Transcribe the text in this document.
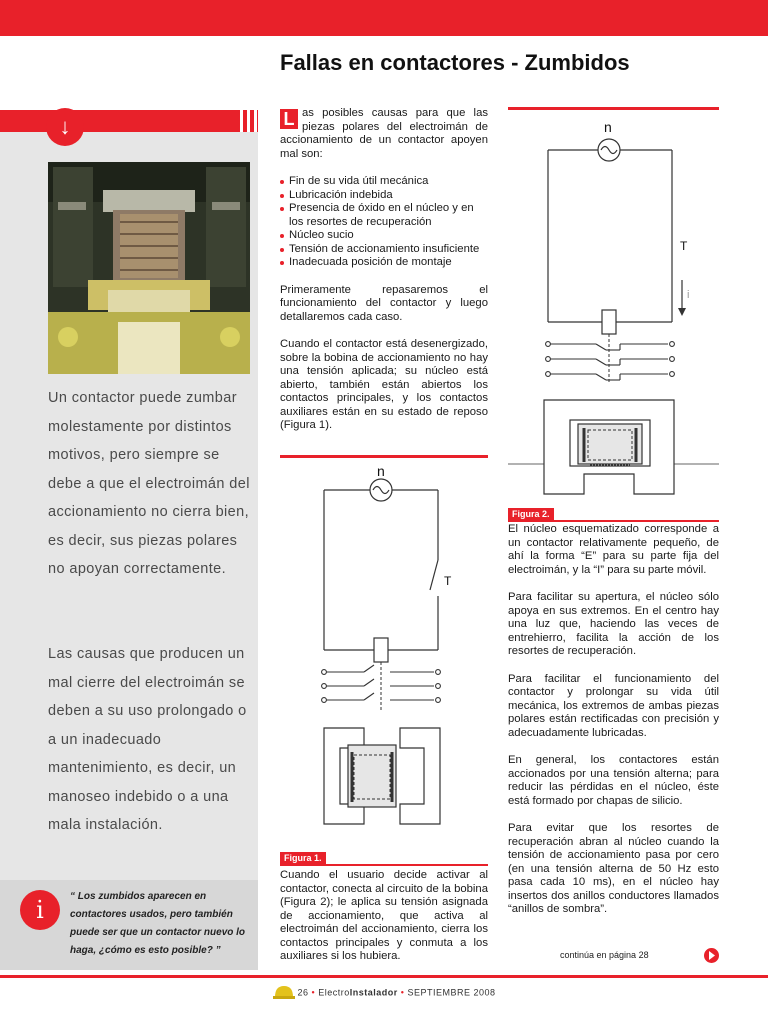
Fallas en contactores - Zumbidos
↓
Un contactor puede zumbar molestamente por distintos motivos, pero siempre se debe a que el electroimán del accionamiento no cierra bien, es decir, sus piezas polares no apoyan correctamente.
Las causas que producen un mal cierre del electroimán se deben a su uso prolongado o a un inadecuado mantenimiento, es decir, un manoseo indebido o a una mala instalación.
i	“ Los zumbidos aparecen en contactores usados, pero también puede ser que un contactor nuevo lo haga, ¿cómo es esto posible? ”

L as posibles causas para que las piezas polares del electroimán de accionamiento de un contactor apoyen mal son:

Fin de su vida útil mecánica
Lubricación indebida
Presencia de óxido en el núcleo y en los resortes de recuperación
Núcleo sucio
Tensión de accionamiento insuficiente
Inadecuada posición de montaje

Primeramente repasaremos el funcionamiento del contactor y luego detallaremos cada caso.

Cuando el contactor está desenergizado, sobre la bobina de accionamiento no hay una tensión aplicada; su núcleo está abierto, también están abiertos los contactos principales, y los contactos auxiliares están en su estado de reposo (Figura 1).

n
T
Figura 1.

Cuando el usuario decide activar al contactor, conecta al circuito de la bobina (Figura 2); le aplica su tensión asignada de accionamiento, que activa al electroimán del accionamiento, cierra los contactos principales y conmuta a los auxiliares si los hubiera.

n
T
i
Figura 2.

El núcleo esquematizado corresponde a un contactor relativamente pequeño, de ahí la forma “E” para su parte fija del electroimán, y la “I” para su parte móvil.

Para facilitar su apertura, el núcleo sólo apoya en sus extremos. En el centro hay una luz que, haciendo las veces de entrehierro, facilita la acción de los resortes de recuperación.

Para facilitar el funcionamiento del contactor y prolongar su vida útil mecánica, los extremos de ambas piezas polares están rectificadas con precisión y adecuadamente lubricadas.

En general, los contactores están accionados por una tensión alterna; para reducir las pérdidas en el núcleo, éste está formado por chapas de silicio.

Para evitar que los resortes de recuperación abran al núcleo cuando la tensión de accionamiento pasa por cero (en una tensión alterna de 50 Hz esto pasa cada 10 ms), en el núcleo hay insertos dos anillos conductores llamados “anillos de sombra”.

continúa en página 28
26 • ElectroInstalador • SEPTIEMBRE 2008
